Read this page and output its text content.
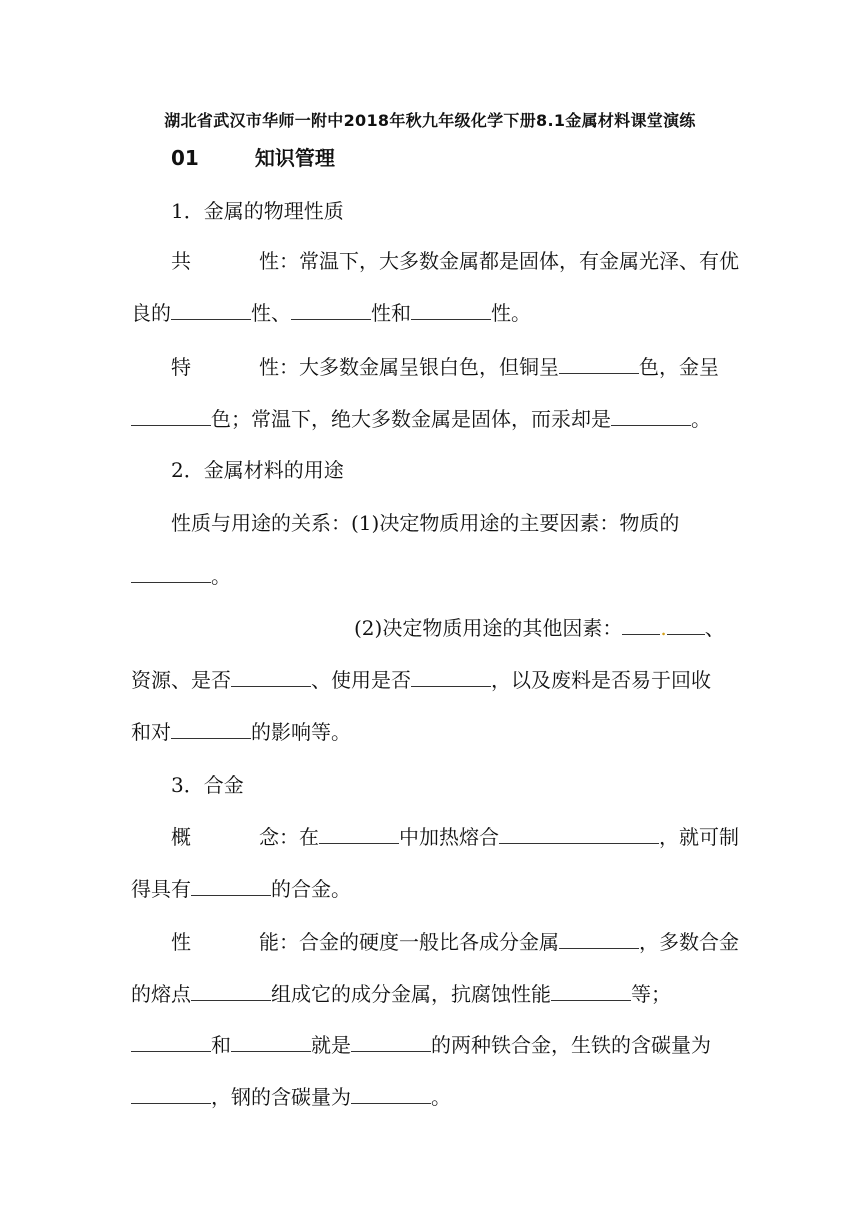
湖北省武汉市华师一附中2018年秋九年级化学下册8.1金属材料课堂演练
01	知识管理
1．金属的物理性质
共	性：常温下，大多数金属都是固体，有金属光泽、有优
良的	性、	性和	性。
特	性：大多数金属呈银白色，但铜呈	色，金呈
色；常温下，绝大多数金属是固体，而汞却是	。
2．金属材料的用途
性质与用途的关系：(1)决定物质用途的主要因素：物质的
。
(2)决定物质用途的其他因素： . 、
资源、是否	、使用是否	，以及废料是否易于回收
和对	的影响等。
3．合金
概	念：在	中加热熔合	，就可制
得具有	的合金。
性	能：合金的硬度一般比各成分金属	，多数合金
的熔点	组成它的成分金属，抗腐蚀性能	等；
和	就是	的两种铁合金，生铁的含碳量为
，钢的含碳量为	。
